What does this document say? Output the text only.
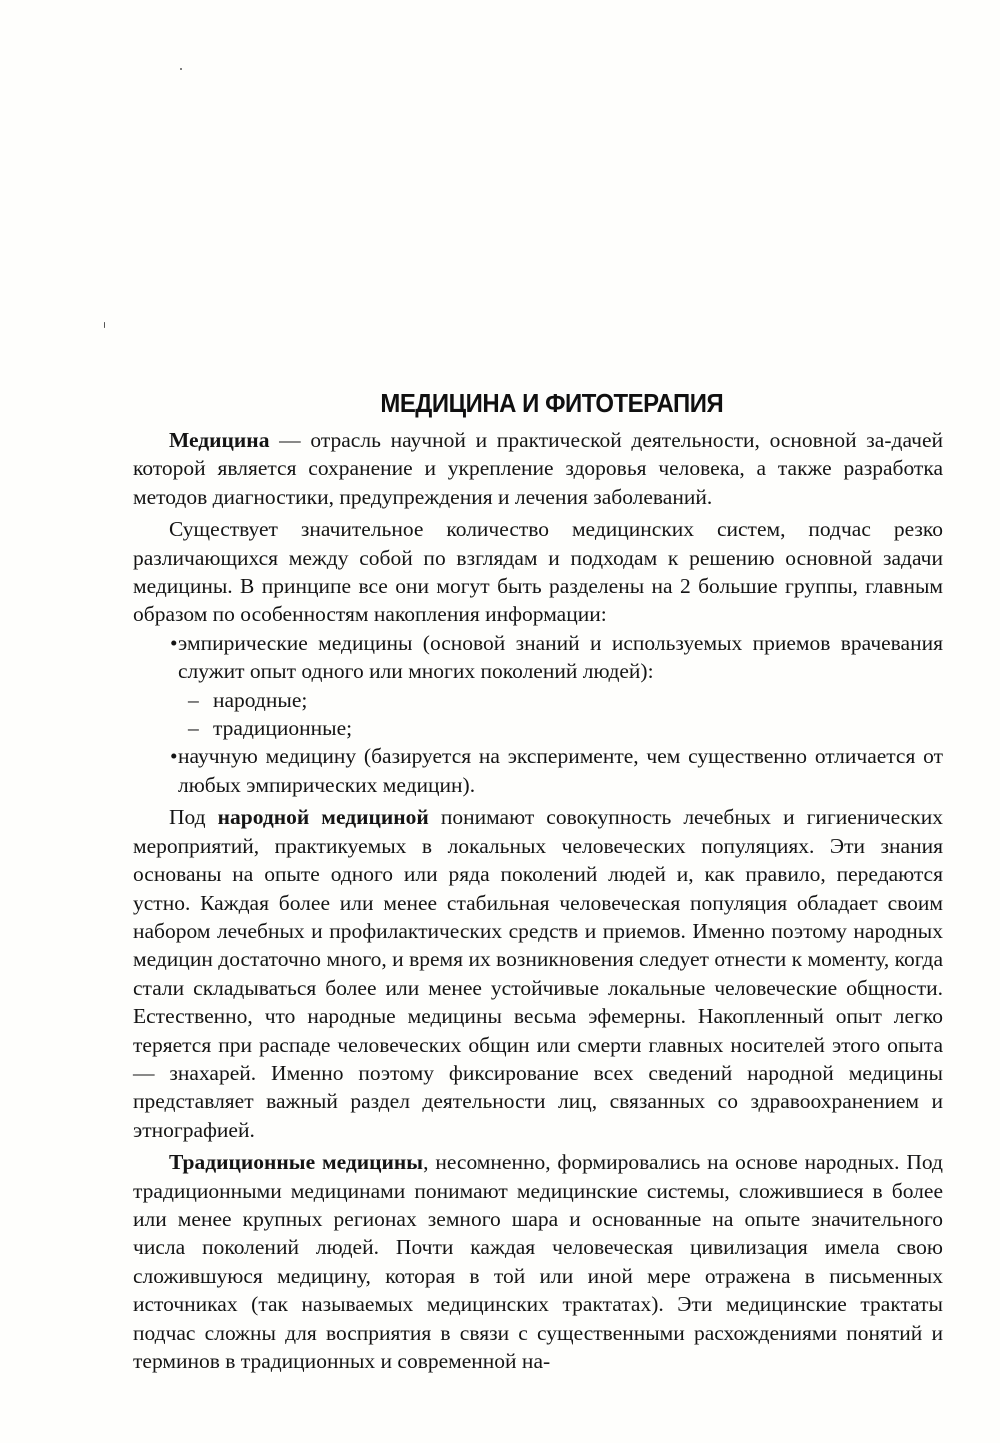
МЕДИЦИНА И ФИТОТЕРАПИЯ

Медицина — отрасль научной и практической деятельности, основной за-дачей которой является сохранение и укрепление здоровья человека, а также разработка методов диагностики, предупреждения и лечения заболеваний.

Существует значительное количество медицинских систем, подчас резко различающихся между собой по взглядам и подходам к решению основной задачи медицины. В принципе все они могут быть разделены на 2 большие группы, главным образом по особенностям накопления информации:

• эмпирические медицины (основой знаний и используемых приемов врачевания служит опыт одного или многих поколений людей):
– народные;
– традиционные;
• научную медицину (базируется на эксперименте, чем существенно отличается от любых эмпирических медицин).

Под народной медициной понимают совокупность лечебных и гигиенических мероприятий, практикуемых в локальных человеческих популяциях. Эти знания основаны на опыте одного или ряда поколений людей и, как правило, передаются устно. Каждая более или менее стабильная человеческая популяция обладает своим набором лечебных и профилактических средств и приемов. Именно поэтому народных медицин достаточно много, и время их возникновения следует отнести к моменту, когда стали складываться более или менее устойчивые локальные человеческие общности. Естественно, что народные медицины весьма эфемерны. Накопленный опыт легко теряется при распаде человеческих общин или смерти главных носителей этого опыта — знахарей. Именно поэтому фиксирование всех сведений народной медицины представляет важный раздел деятельности лиц, связанных со здравоохранением и этнографией.

Традиционные медицины, несомненно, формировались на основе народных. Под традиционными медицинами понимают медицинские системы, сложившиеся в более или менее крупных регионах земного шара и основанные на опыте значительного числа поколений людей. Почти каждая человеческая цивилизация имела свою сложившуюся медицину, которая в той или иной мере отражена в письменных источниках (так называемых медицинских трактатах). Эти медицинские трактаты подчас сложны для восприятия в связи с существенными расхождениями понятий и терминов в традиционных и современной на-
